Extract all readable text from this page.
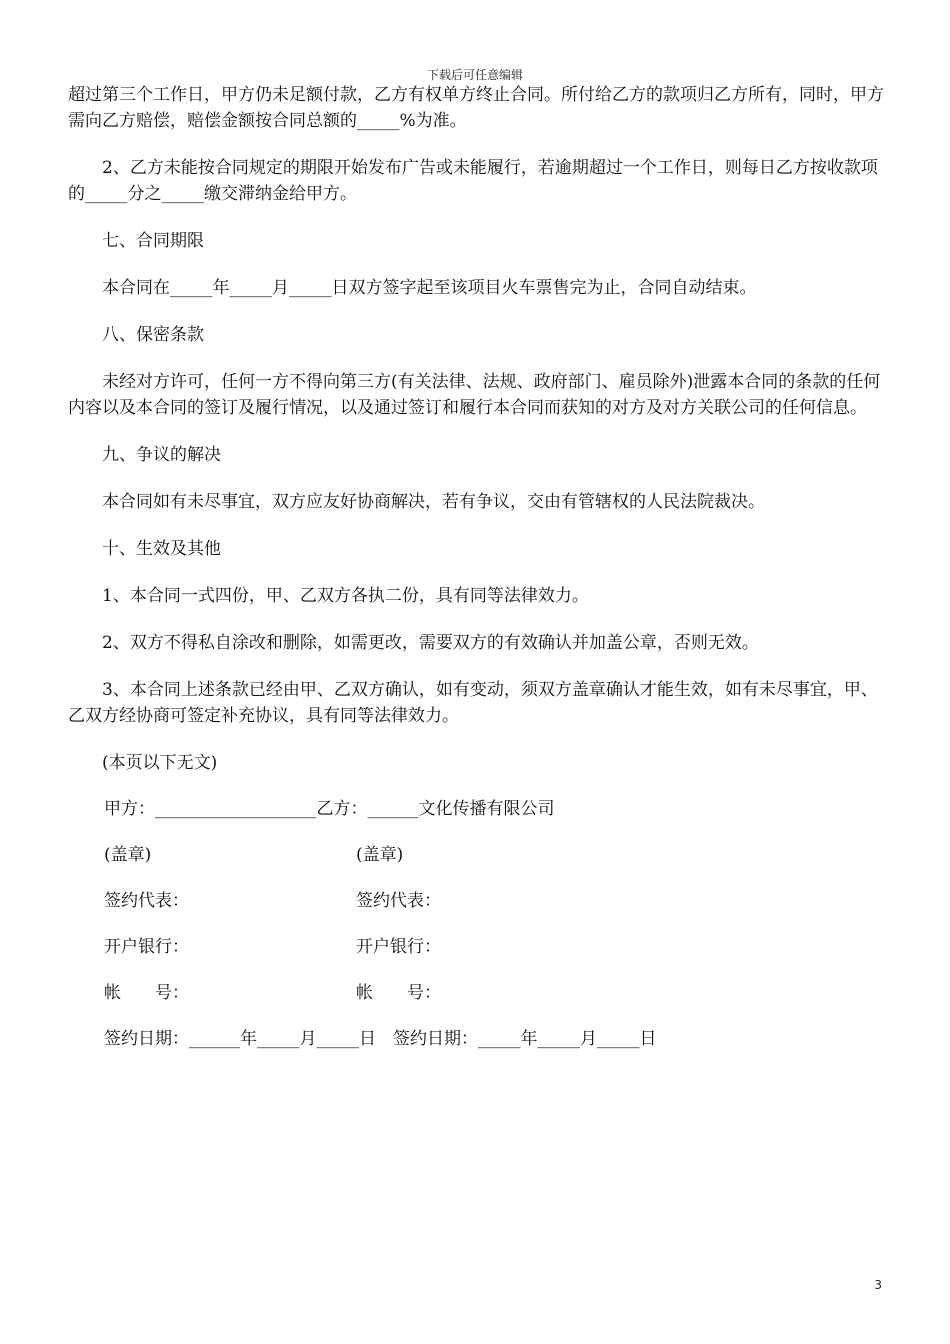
下载后可任意编辑

超过第三个工作日，甲方仍未足额付款，乙方有权单方终止合同。所付给乙方的款项归乙方所有，同时，甲方需向乙方赔偿，赔偿金额按合同总额的_____%为准。

2、乙方未能按合同规定的期限开始发布广告或未能履行，若逾期超过一个工作日，则每日乙方按收款项的_____分之_____缴交滞纳金给甲方。

七、合同期限

本合同在_____年_____月_____日双方签字起至该项目火车票售完为止，合同自动结束。

八、保密条款

未经对方许可，任何一方不得向第三方(有关法律、法规、政府部门、雇员除外)泄露本合同的条款的任何内容以及本合同的签订及履行情况，以及通过签订和履行本合同而获知的对方及对方关联公司的任何信息。

九、争议的解决

本合同如有未尽事宜，双方应友好协商解决，若有争议，交由有管辖权的人民法院裁决。

十、生效及其他

1、本合同一式四份，甲、乙双方各执二份，具有同等法律效力。

2、双方不得私自涂改和删除，如需更改，需要双方的有效确认并加盖公章，否则无效。

3、本合同上述条款已经由甲、乙双方确认，如有变动，须双方盖章确认才能生效，如有未尽事宜，甲、乙双方经协商可签定补充协议，具有同等法律效力。

(本页以下无文)

甲方：___________________乙方：______文化传播有限公司
(盖章)	(盖章)
签约代表：	签约代表：
开户银行：	开户银行：
帐　　号：	帐　　号：
签约日期：______年_____月_____日　签约日期：_____年_____月_____日
3
